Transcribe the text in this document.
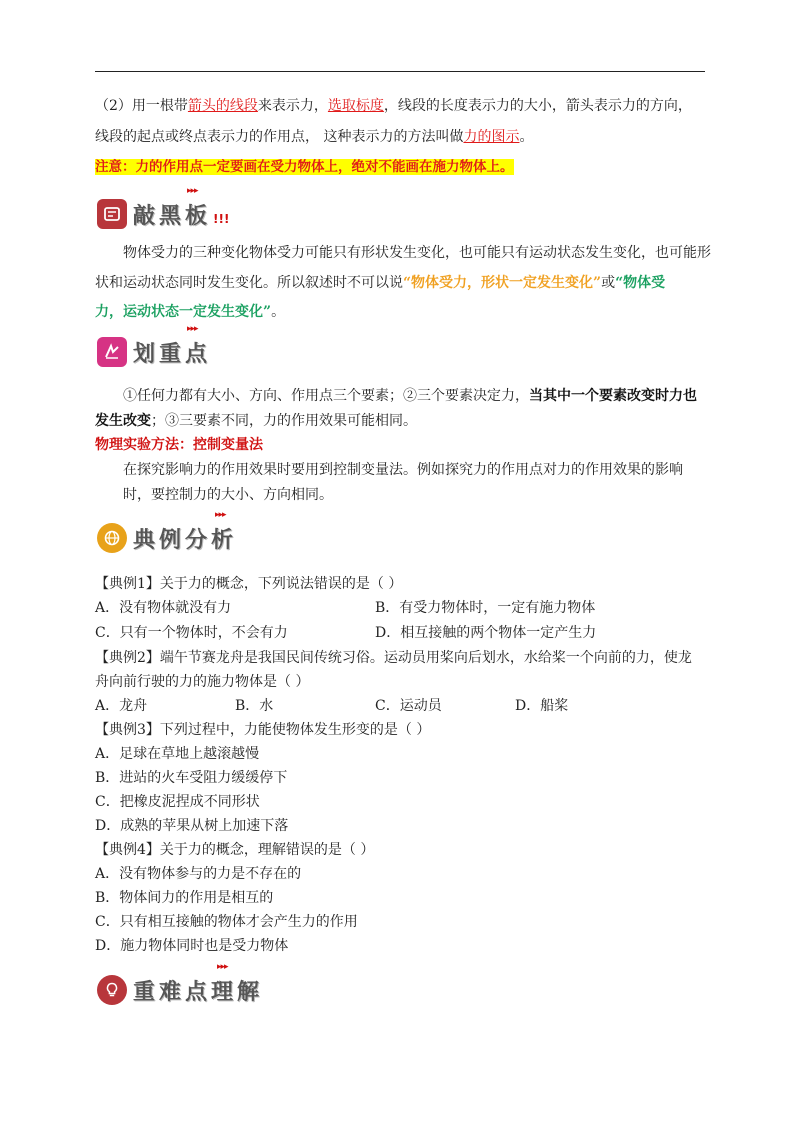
（2）用一根带箭头的线段来表示力，选取标度，线段的长度表示力的大小，箭头表示力的方向，
线段的起点或终点表示力的作用点， 这种表示力的方法叫做力的图示。
注意：力的作用点一定要画在受力物体上，绝对不能画在施力物体上。
敲黑板 !!!
▸▸▸
物体受力的三种变化物体受力可能只有形状发生变化，也可能只有运动状态发生变化，也可能形
状和运动状态同时发生变化。所以叙述时不可以说“物体受力，形状一定发生变化”或“物体受
力，运动状态一定发生变化”。
划重点
▸▸▸
①任何力都有大小、方向、作用点三个要素；②三个要素决定力，当其中一个要素改变时力也
发生改变；③三要素不同，力的作用效果可能相同。
物理实验方法：控制变量法
在探究影响力的作用效果时要用到控制变量法。例如探究力的作用点对力的作用效果的影响
时，要控制力的大小、方向相同。
典例分析
▸▸▸
【典例1】关于力的概念，下列说法错误的是（ ）
A．没有物体就没有力	B．有受力物体时，一定有施力物体
C．只有一个物体时，不会有力	D．相互接触的两个物体一定产生力
【典例2】端午节赛龙舟是我国民间传统习俗。运动员用桨向后划水，水给桨一个向前的力，使龙
舟向前行驶的力的施力物体是（ ）
A．龙舟	B．水	C．运动员	D．船桨
【典例3】下列过程中，力能使物体发生形变的是（ ）
A．足球在草地上越滚越慢
B．进站的火车受阻力缓缓停下
C．把橡皮泥捏成不同形状
D．成熟的苹果从树上加速下落
【典例4】关于力的概念，理解错误的是（ ）
A．没有物体参与的力是不存在的
B．物体间力的作用是相互的
C．只有相互接触的物体才会产生力的作用
D．施力物体同时也是受力物体
重难点理解
▸▸▸
